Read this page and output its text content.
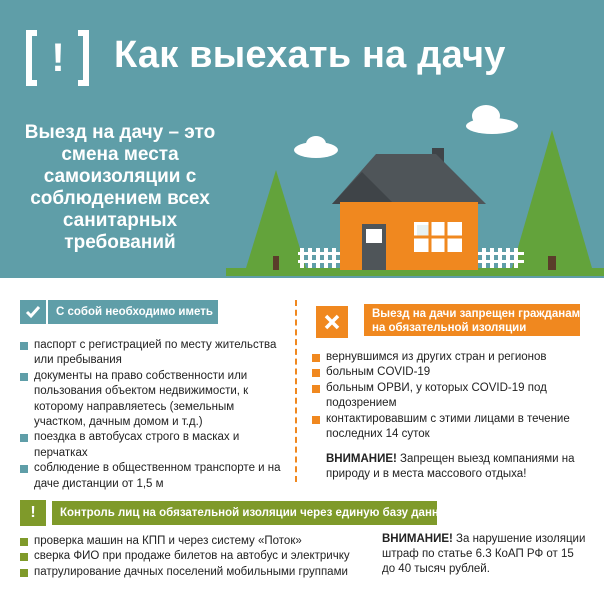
! Как выехать на дачу
Выезд на дачу – это смена места самоизоляции с соблюдением всех санитарных требований
С собой необходимо иметь
паспорт с регистрацией по месту жительства или пребывания
документы на право собственности или пользования объектом недвижимости, к которому направляетесь (земельным участком, дачным домом и т.д.)
поездка в автобусах строго в масках и перчатках
соблюдение в общественном транспорте и на даче дистанции от 1,5 м
Выезд на дачи запрещен гражданам
на обязательной изоляции
вернувшимся из других стран и регионов
больным COVID-19
больным ОРВИ, у которых COVID-19 под подозрением
контактировавшим с этими лицами в течение последних 14 суток
ВНИМАНИЕ! Запрещен выезд компаниями на природу и в места массового отдыха!
!	Контроль лиц на обязательной изоляции через единую базу данных
проверка машин на КПП и через систему «Поток»
сверка ФИО при продаже билетов на автобус и электричку
патрулирование дачных поселений мобильными группами
ВНИМАНИЕ! За нарушение изоляции штраф по статье 6.3 КоАП РФ от 15 до 40 тысяч рублей.
